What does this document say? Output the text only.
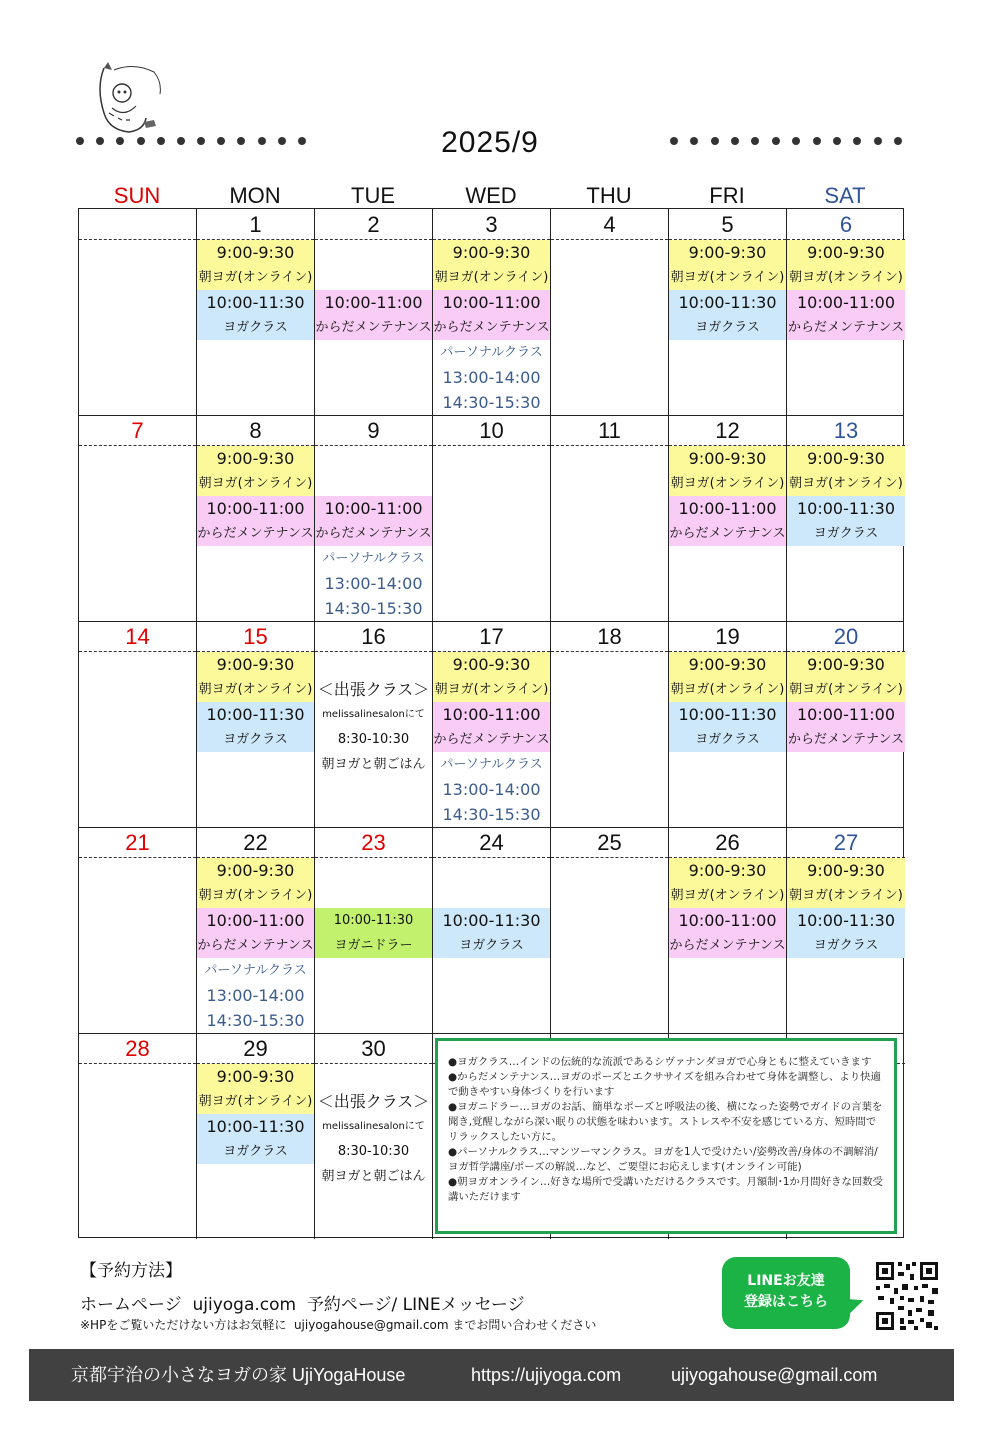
2025/9
SUN	MON	TUE	WED	THU	FRI	SAT
1
9:00-9:30
朝ヨガ(オンライン)
10:00-11:30
ヨガクラス
2
10:00-11:00
からだメンテナンス
3
9:00-9:30
朝ヨガ(オンライン)
10:00-11:00
からだメンテナンス
パーソナルクラス
13:00-14:00
14:30-15:30
4	5
9:00-9:30
朝ヨガ(オンライン)
10:00-11:30
ヨガクラス
6
9:00-9:30
朝ヨガ(オンライン)
10:00-11:00
からだメンテナンス
7	8
9:00-9:30
朝ヨガ(オンライン)
10:00-11:00
からだメンテナンス
9
10:00-11:00
からだメンテナンス
パーソナルクラス
13:00-14:00
14:30-15:30
10	11	12
9:00-9:30
朝ヨガ(オンライン)
10:00-11:00
からだメンテナンス
13
9:00-9:30
朝ヨガ(オンライン)
10:00-11:30
ヨガクラス
14	15
9:00-9:30
朝ヨガ(オンライン)
10:00-11:30
ヨガクラス
16
＜出張クラス＞
melissalinesalonにて
8:30-10:30
朝ヨガと朝ごはん
17
9:00-9:30
朝ヨガ(オンライン)
10:00-11:00
からだメンテナンス
パーソナルクラス
13:00-14:00
14:30-15:30
18	19
9:00-9:30
朝ヨガ(オンライン)
10:00-11:30
ヨガクラス
20
9:00-9:30
朝ヨガ(オンライン)
10:00-11:00
からだメンテナンス
21	22
9:00-9:30
朝ヨガ(オンライン)
10:00-11:00
からだメンテナンス
パーソナルクラス
13:00-14:00
14:30-15:30
23
10:00-11:30
ヨガニドラー
24
10:00-11:30
ヨガクラス
25	26
9:00-9:30
朝ヨガ(オンライン)
10:00-11:00
からだメンテナンス
27
9:00-9:30
朝ヨガ(オンライン)
10:00-11:30
ヨガクラス
28	29
9:00-9:30
朝ヨガ(オンライン)
10:00-11:30
ヨガクラス
30
＜出張クラス＞
melissalinesalonにて
8:30-10:30
朝ヨガと朝ごはん
●ヨガクラス…インドの伝統的な流派であるシヴァナンダヨガで心身ともに整えていきます
●からだメンテナンス…ヨガのポーズとエクササイズを組み合わせて身体を調整し、より快適で動きやすい身体づくりを行います
●ヨガニドラー…ヨガのお話、簡単なポーズと呼吸法の後、横になった姿勢でガイドの言葉を聞き,覚醒しながら深い眠りの状態を味わいます。ストレスや不安を感じている方、短時間でリラックスしたい方に。
●パーソナルクラス…マンツーマンクラス。ヨガを1人で受けたい/姿勢改善/身体の不調解消/ヨガ哲学講座/ポーズの解説…など、ご要望にお応えします(オンライン可能)
●朝ヨガオンライン…好きな場所で受講いただけるクラスです。月額制･1か月間好きな回数受講いただけます
【予約方法】
ホームページ  ujiyoga.com  予約ページ/ LINEメッセージ
※HPをご覧いただけない方はお気軽に  ujiyogahouse@gmail.com までお問い合わせください
LINEお友達
登録はこちら
京都宇治の小さなヨガの家 UjiYogaHouse	https://ujiyoga.com	ujiyogahouse@gmail.com
